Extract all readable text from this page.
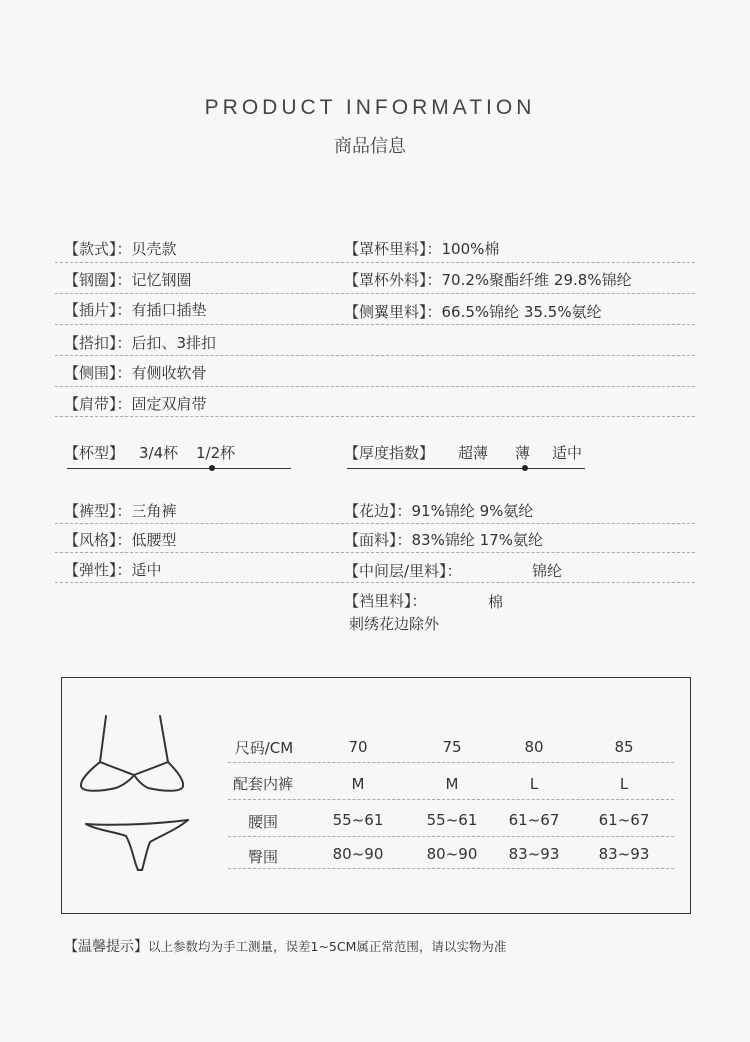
PRODUCT INFORMATION
商品信息
【款式】：贝壳款
【钢圈】：记忆钢圈
【插片】：有插口插垫
【搭扣】：后扣、3排扣
【侧围】：有侧收软骨
【肩带】：固定双肩带
【罩杯里料】：100%棉
【罩杯外料】：70.2%聚酯纤维 29.8%锦纶
【侧翼里料】：66.5%锦纶 35.5%氨纶
【杯型】 3/4杯 1/2杯	【厚度指数】 超薄 薄 适中
【裤型】：三角裤
【风格】：低腰型
【弹性】：适中
【花边】：91%锦纶 9%氨纶
【面料】：83%锦纶 17%氨纶
【中间层/里料】：	锦纶
【裆里料】：	棉
刺绣花边除外
尺码/CM	70	75	80	85
配套内裤	M	M	L	L
腰围	55~61	55~61	61~67	61~67
臀围	80~90	80~90	83~93	83~93
【温馨提示】以上参数均为手工测量，误差1~5CM属正常范围，请以实物为准
